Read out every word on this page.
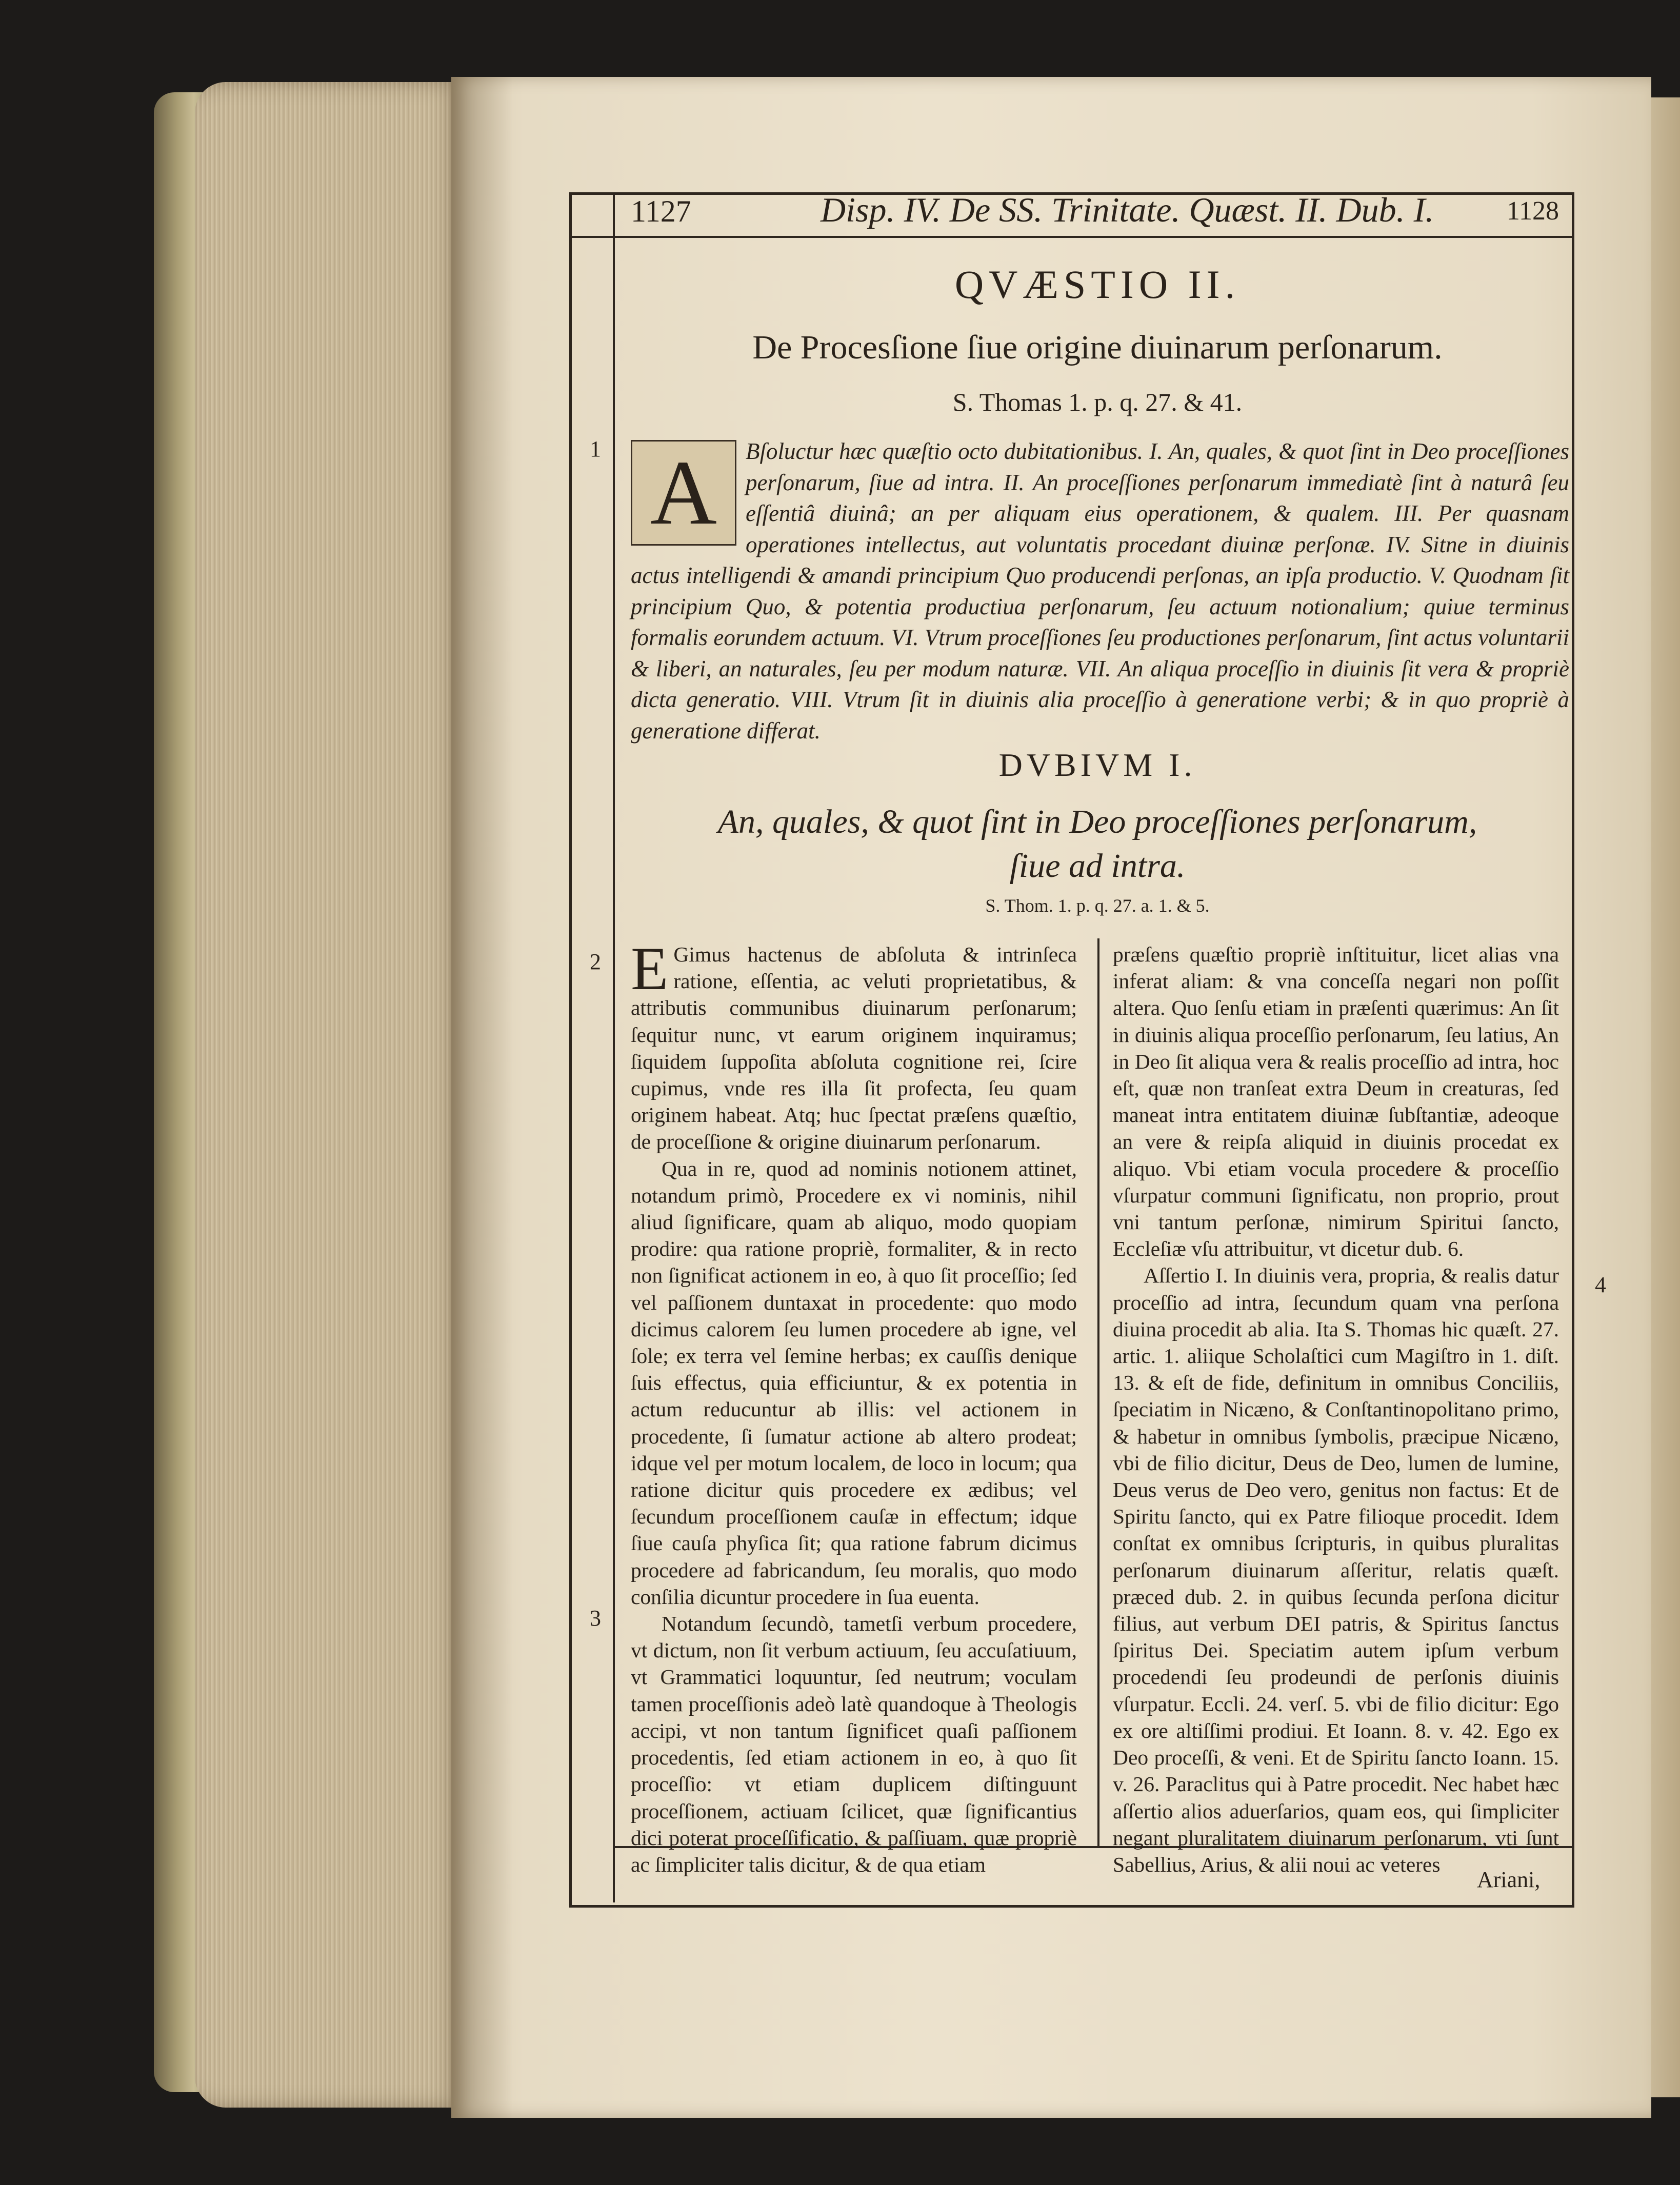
1127	Disp. IV. De SS. Trinitate. Quæst. II. Dub. I.	1128
QVÆSTIO II.
De Procesſione ſiue origine diuinarum perſonarum.
S. Thomas 1. p. q. 27. & 41.
1 A	Bſoluctur hæc quæſtio octo dubitationibus. I. An, quales, & quot ſint in Deo proceſſiones perſonarum, ſiue ad intra. II. An proceſſiones perſonarum immediatè ſint à naturâ ſeu eſſentiâ diuinâ; an per aliquam eius operationem, & qualem. III. Per quasnam operationes intellectus, aut voluntatis procedant diuinæ perſonæ. IV. Sitne in diuinis actus intelligendi & amandi principium Quo producendi perſonas, an ipſa productio. V. Quodnam ſit principium Quo, & potentia productiua perſonarum, ſeu actuum notionalium; quiue terminus formalis eorundem actuum. VI. Vtrum proceſſiones ſeu productiones perſonarum, ſint actus voluntarii & liberi, an naturales, ſeu per modum naturæ. VII. An aliqua proceſſio in diuinis ſit vera & propriè dicta generatio. VIII. Vtrum ſit in diuinis alia proceſſio à generatione verbi; & in quo propriè à generatione differat.
DVBIVM I.
An, quales, & quot ſint in Deo proceſſiones perſonarum, ſiue ad intra.
S. Thom. 1. p. q. 27. a. 1. & 5.
2
3
4

E Gimus hactenus de abſoluta & intrinſeca ratione, eſſentia, ac veluti proprietatibus, & attributis communibus diuinarum perſonarum; ſequitur nunc, vt earum originem inquiramus; ſiquidem ſuppoſita abſoluta cognitione rei, ſcire cupimus, vnde res illa ſit profecta, ſeu quam originem habeat. Atq; huc ſpectat præſens quæſtio, de proceſſione & origine diuinarum perſonarum.

Qua in re, quod ad nominis notionem attinet, notandum primò, Procedere ex vi nominis, nihil aliud ſignificare, quam ab aliquo, modo quopiam prodire: qua ratione propriè, formaliter, & in recto non ſignificat actionem in eo, à quo ſit proceſſio; ſed vel paſſionem duntaxat in procedente: quo modo dicimus calorem ſeu lumen procedere ab igne, vel ſole; ex terra vel ſemine herbas; ex cauſſis denique ſuis effectus, quia efficiuntur, & ex potentia in actum reducuntur ab illis: vel actionem in procedente, ſi ſumatur actione ab altero prodeat; idque vel per motum localem, de loco in locum; qua ratione dicitur quis procedere ex ædibus; vel ſecundum proceſſionem cauſæ in effectum; idque ſiue cauſa phyſica ſit; qua ratione fabrum dicimus procedere ad fabricandum, ſeu moralis, quo modo conſilia dicuntur procedere in ſua euenta.

Notandum ſecundò, tametſi verbum procedere, vt dictum, non ſit verbum actiuum, ſeu accuſatiuum, vt Grammatici loquuntur, ſed neutrum; voculam tamen proceſſionis adeò latè quandoque à Theologis accipi, vt non tantum ſignificet quaſi paſſionem procedentis, ſed etiam actionem in eo, à quo ſit proceſſio: vt etiam duplicem diſtinguunt proceſſionem, actiuam ſcilicet, quæ ſignificantius dici poterat proceſſificatio, & paſſiuam, quæ propriè ac ſimpliciter talis dicitur, & de qua etiam

præſens quæſtio propriè inſtituitur, licet alias vna inferat aliam: & vna conceſſa negari non poſſit altera. Quo ſenſu etiam in præſenti quærimus: An ſit in diuinis aliqua proceſſio perſonarum, ſeu latius, An in Deo ſit aliqua vera & realis proceſſio ad intra, hoc eſt, quæ non tranſeat extra Deum in creaturas, ſed maneat intra entitatem diuinæ ſubſtantiæ, adeoque an vere & reipſa aliquid in diuinis procedat ex aliquo. Vbi etiam vocula procedere & proceſſio vſurpatur communi ſignificatu, non proprio, prout vni tantum perſonæ, nimirum Spiritui ſancto, Eccleſiæ vſu attribuitur, vt dicetur dub. 6.

Aſſertio I. In diuinis vera, propria, & realis datur proceſſio ad intra, ſecundum quam vna perſona diuina procedit ab alia. Ita S. Thomas hic quæſt. 27. artic. 1. aliique Scholaſtici cum Magiſtro in 1. diſt. 13. & eſt de fide, definitum in omnibus Conciliis, ſpeciatim in Nicæno, & Conſtantinopolitano primo, & habetur in omnibus ſymbolis, præcipue Nicæno, vbi de filio dicitur, Deus de Deo, lumen de lumine, Deus verus de Deo vero, genitus non factus: Et de Spiritu ſancto, qui ex Patre filioque procedit. Idem conſtat ex omnibus ſcripturis, in quibus pluralitas perſonarum diuinarum aſſeritur, relatis quæſt. præced dub. 2. in quibus ſecunda perſona dicitur filius, aut verbum DEI patris, & Spiritus ſanctus ſpiritus Dei. Speciatim autem ipſum verbum procedendi ſeu prodeundi de perſonis diuinis vſurpatur. Eccli. 24. verſ. 5. vbi de filio dicitur: Ego ex ore altiſſimi prodiui. Et Ioann. 8. v. 42. Ego ex Deo proceſſi, & veni. Et de Spiritu ſancto Ioann. 15. v. 26. Paraclitus qui à Patre procedit. Nec habet hæc aſſertio alios aduerſarios, quam eos, qui ſimpliciter negant pluralitatem diuinarum perſonarum, vti ſunt Sabellius, Arius, & alii noui ac veteres

Ariani,
